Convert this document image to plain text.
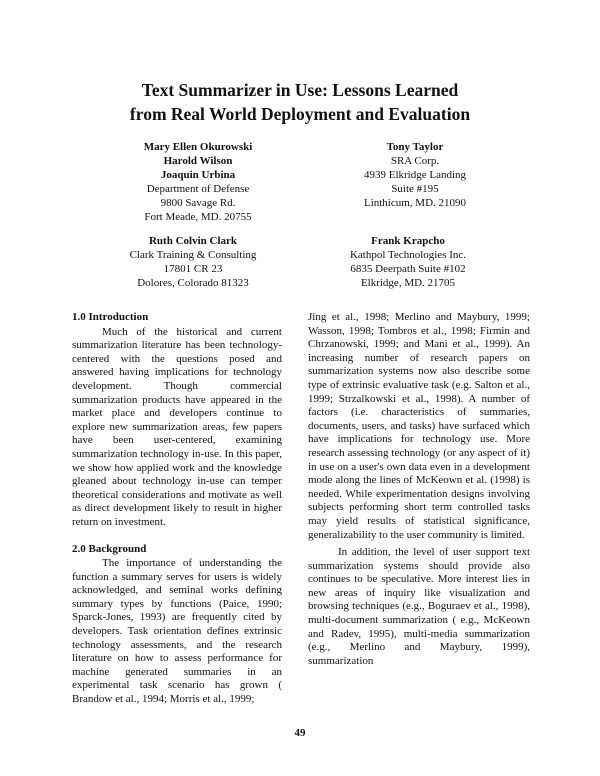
Text Summarizer in Use: Lessons Learned
from Real World Deployment and Evaluation
Mary Ellen Okurowski
Harold Wilson
Joaquin Urbina
Department of Defense
9800 Savage Rd.
Fort Meade, MD. 20755
Tony Taylor
SRA Corp.
4939 Elkridge Landing
Suite #195
Linthicum, MD. 21090
Ruth Colvin Clark
Clark Training & Consulting
17801 CR 23
Dolores, Colorado 81323
Frank Krapcho
Kathpol Technologies Inc.
6835 Deerpath Suite #102
Elkridge, MD. 21705
1.0 Introduction

Much of the historical and current summarization literature has been technology-centered with the questions posed and answered having implications for technology development. Though commercial summarization products have appeared in the market place and developers continue to explore new summarization areas, few papers have been user-centered, examining summarization technology in-use. In this paper, we show how applied work and the knowledge gleaned about technology in-use can temper theoretical considerations and motivate as well as direct development likely to result in higher return on investment.

2.0 Background

The importance of understanding the function a summary serves for users is widely acknowledged, and seminal works defining summary types by functions (Paice, 1990; Sparck-Jones, 1993) are frequently cited by developers. Task orientation defines extrinsic technology assessments, and the research literature on how to assess performance for machine generated summaries in an experimental task scenario has grown ( Brandow et al., 1994; Morris et al., 1999;

Jing et al., 1998; Merlino and Maybury, 1999; Wasson, 1998; Tombros et al., 1998; Firmin and Chrzanowski, 1999; and Mani et al., 1999). An increasing number of research papers on summarization systems now also describe some type of extrinsic evaluative task (e.g. Salton et al., 1999; Strzalkowski et al., 1998). A number of factors (i.e. characteristics of summaries, documents, users, and tasks) have surfaced which have implications for technology use. More research assessing technology (or any aspect of it) in use on a user's own data even in a development mode along the lines of McKeown et al. (1998) is needed. While experimentation designs involving subjects performing short term controlled tasks may yield results of statistical significance, generalizability to the user community is limited.

In addition, the level of user support text summarization systems should provide also continues to be speculative. More interest lies in new areas of inquiry like visualization and browsing techniques (e.g., Boguraev et al., 1998), multi-document summarization ( e.g., McKeown and Radev, 1995), multi-media summarization (e.g., Merlino and Maybury, 1999), summarization

49
